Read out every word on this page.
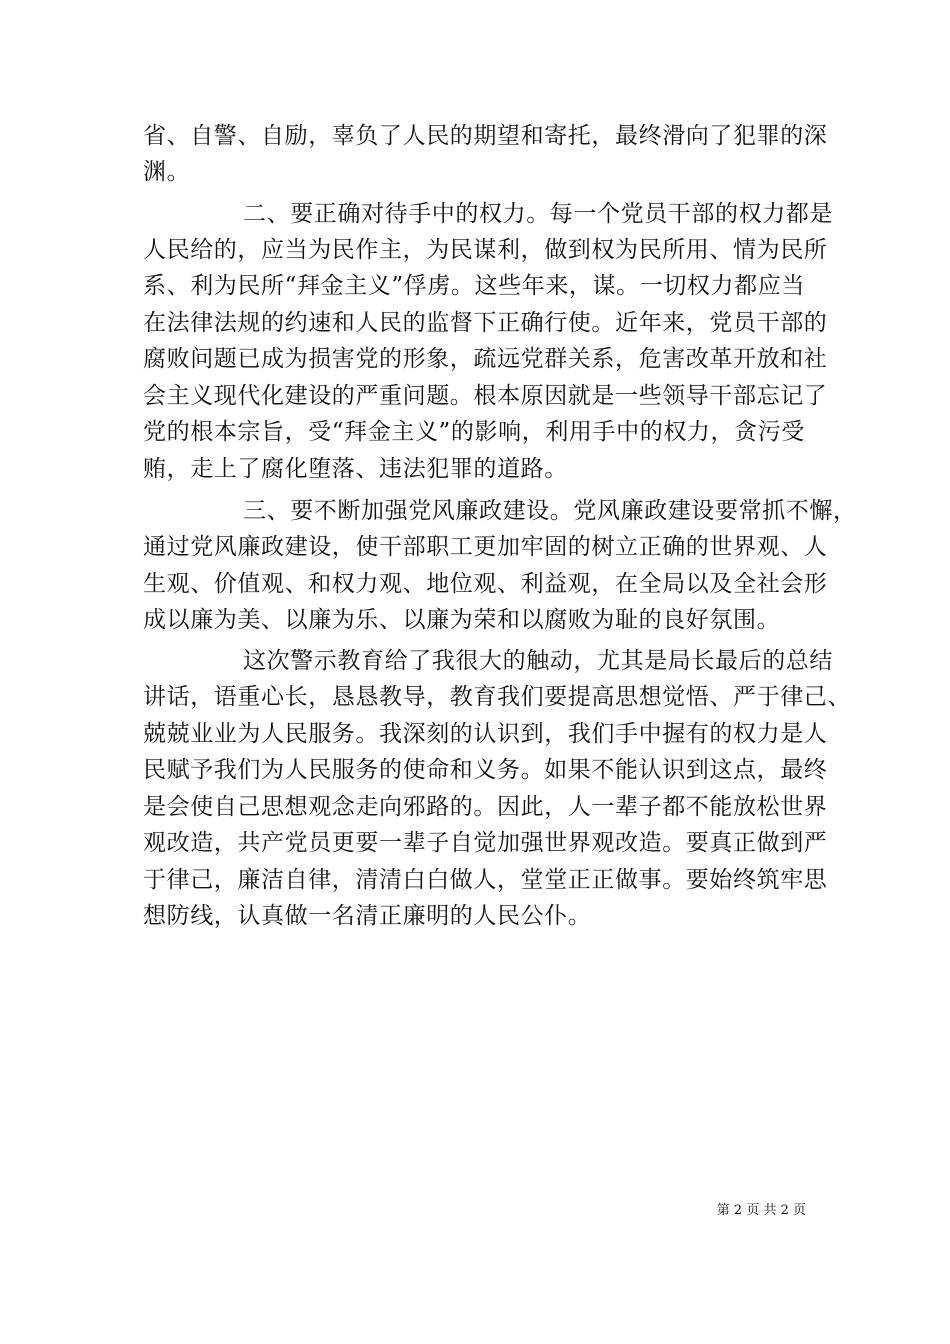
省、自警、自励，辜负了人民的期望和寄托，最终滑向了犯罪的深
渊。
二、要正确对待手中的权力。每一个党员干部的权力都是
人民给的，应当为民作主，为民谋利，做到权为民所用、情为民所
系、利为民所“拜金主义”俘虏。这些年来，谋。一切权力都应当
在法律法规的约速和人民的监督下正确行使。近年来，党员干部的
腐败问题已成为损害党的形象，疏远党群关系，危害改革开放和社
会主义现代化建设的严重问题。根本原因就是一些领导干部忘记了
党的根本宗旨，受“拜金主义”的影响，利用手中的权力，贪污受
贿，走上了腐化堕落、违法犯罪的道路。
三、要不断加强党风廉政建设。党风廉政建设要常抓不懈，
通过党风廉政建设，使干部职工更加牢固的树立正确的世界观、人
生观、价值观、和权力观、地位观、利益观，在全局以及全社会形
成以廉为美、以廉为乐、以廉为荣和以腐败为耻的良好氛围。
这次警示教育给了我很大的触动，尤其是局长最后的总结
讲话，语重心长，恳恳教导，教育我们要提高思想觉悟、严于律己、
兢兢业业为人民服务。我深刻的认识到，我们手中握有的权力是人
民赋予我们为人民服务的使命和义务。如果不能认识到这点，最终
是会使自己思想观念走向邪路的。因此，人一辈子都不能放松世界
观改造，共产党员更要一辈子自觉加强世界观改造。要真正做到严
于律己，廉洁自律，清清白白做人，堂堂正正做事。要始终筑牢思
想防线，认真做一名清正廉明的人民公仆。
第 2 页 共 2 页
